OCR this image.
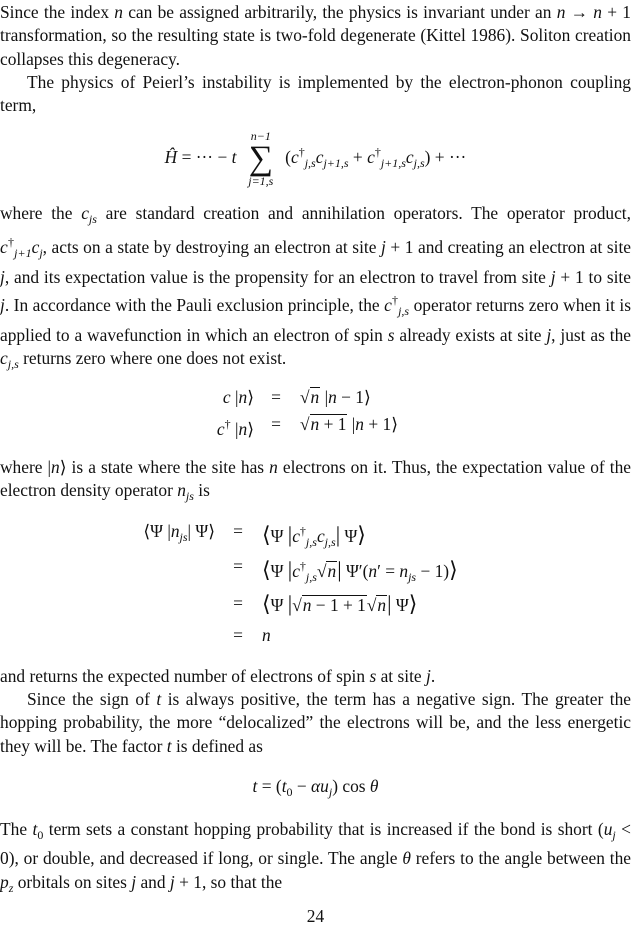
Since the index n can be assigned arbitrarily, the physics is invariant under an n → n + 1 transformation, so the resulting state is two-fold degenerate (Kittel 1986). Soliton creation collapses this degeneracy.

The physics of Peierl’s instability is implemented by the electron-phonon coupling term,

Ĥ = ··· − t
n−1
∑
j=1,s
$(c^\dagger_{j,s}c_{j+1,s} + c^\dagger_{j+1,s}c_{j,s})$ + ···

where the $c_{js}$ are standard creation and annihilation operators. The operator product, $c^\dagger_{j+1}c_j$, acts on a state by destroying an electron at site j + 1 and creating an electron at site j, and its expectation value is the propensity for an electron to travel from site j + 1 to site j. In accordance with the Pauli exclusion principle, the $c^\dagger_{j,s}$ operator returns zero when it is applied to a wavefunction in which an electron of spin s already exists at site j, just as the $c_{j,s}$ returns zero where one does not exist.

c |n⟩ =	√n |n − 1⟩
c† |n⟩ =	√n + 1 |n + 1⟩

where |n⟩ is a state where the site has n electrons on it. Thus, the expectation value of the electron density operator $n_{js}$ is

⟨Ψ $|n_{js}|$ Ψ⟩	= ⟨Ψ $|c^\dagger_{j,s}c_{j,s}|$ Ψ⟩
= ⟨Ψ $|c^\dagger_{j,s}√n|$ $\Psi'(n' = n_{js}$ − 1)⟩
= ⟨Ψ |√n − 1 + 1√n| Ψ⟩
=	n

and returns the expected number of electrons of spin s at site j.

Since the sign of t is always positive, the term has a negative sign. The greater the hopping probability, the more “delocalized” the electrons will be, and the less energetic they will be. The factor t is defined as

$t = (t_0 - \alpha u_j)$ cos θ

The $t_0$ term sets a constant hopping probability that is increased if the bond is short $(u_j < 0)$, or double, and decreased if long, or single. The angle θ refers to the angle between the $p_z$ orbitals on sites j and j + 1, so that the

24
